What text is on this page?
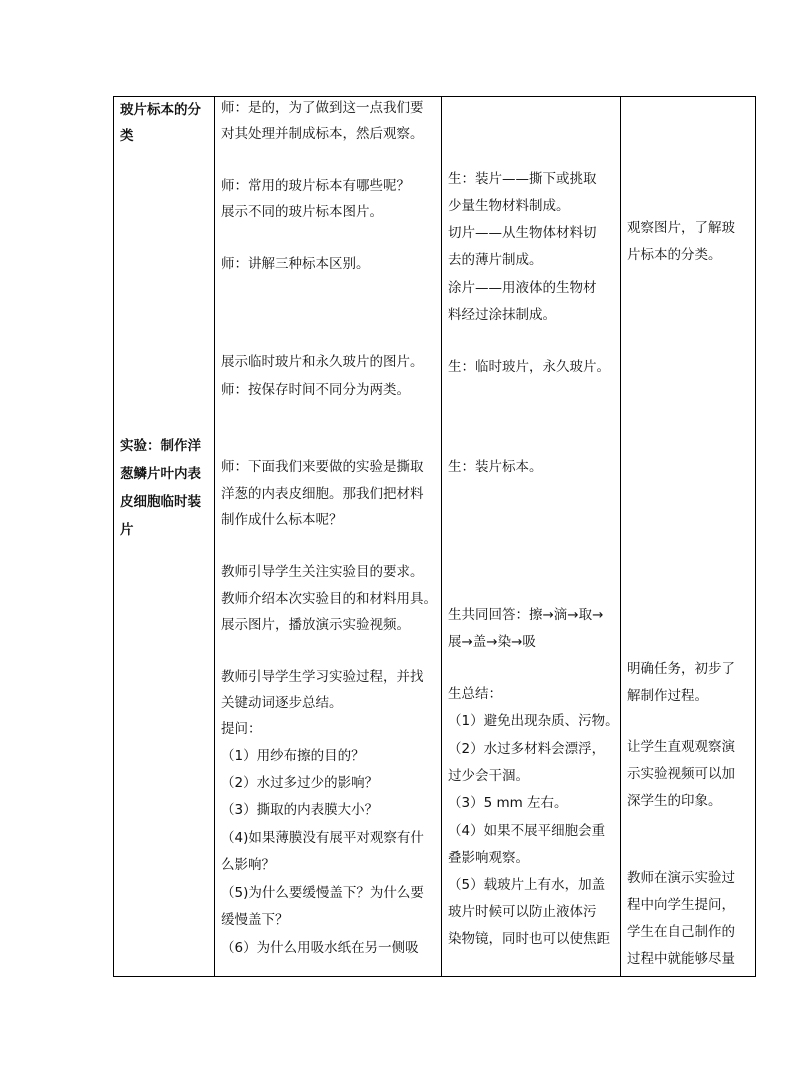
玻片标本的分
类
实验：制作洋
葱鳞片叶内表
皮细胞临时装
片

师：是的，为了做到这一点我们要
对其处理并制成标本，然后观察。
师：常用的玻片标本有哪些呢？
展示不同的玻片标本图片。
师：讲解三种标本区别。
展示临时玻片和永久玻片的图片。
师：按保存时间不同分为两类。
师：下面我们来要做的实验是撕取
洋葱的内表皮细胞。那我们把材料
制作成什么标本呢？
教师引导学生关注实验目的要求。
教师介绍本次实验目的和材料用具。
展示图片，播放演示实验视频。
教师引导学生学习实验过程，并找
关键动词逐步总结。
提问：
（1）用纱布擦的目的？
（2）水过多过少的影响？
（3）撕取的内表膜大小？
（4)如果薄膜没有展平对观察有什
么影响？
（5)为什么要缓慢盖下？为什么要
缓慢盖下？
（6）为什么用吸水纸在另一侧吸

生：装片——撕下或挑取
少量生物材料制成。
切片——从生物体材料切
去的薄片制成。
涂片——用液体的生物材
料经过涂抹制成。
生：临时玻片，永久玻片。
生：装片标本。
生共同回答：擦→滴→取→
展→盖→染→吸
生总结：
（1）避免出现杂质、污物。
（2）水过多材料会漂浮，
过少会干涸。
（3）5 mm 左右。
（4）如果不展平细胞会重
叠影响观察。
（5）载玻片上有水，加盖
玻片时候可以防止液体污
染物镜，同时也可以使焦距

观察图片，了解玻
片标本的分类。
明确任务，初步了
解制作过程。
让学生直观观察演
示实验视频可以加
深学生的印象。
教师在演示实验过
程中向学生提问，
学生在自己制作的
过程中就能够尽量
